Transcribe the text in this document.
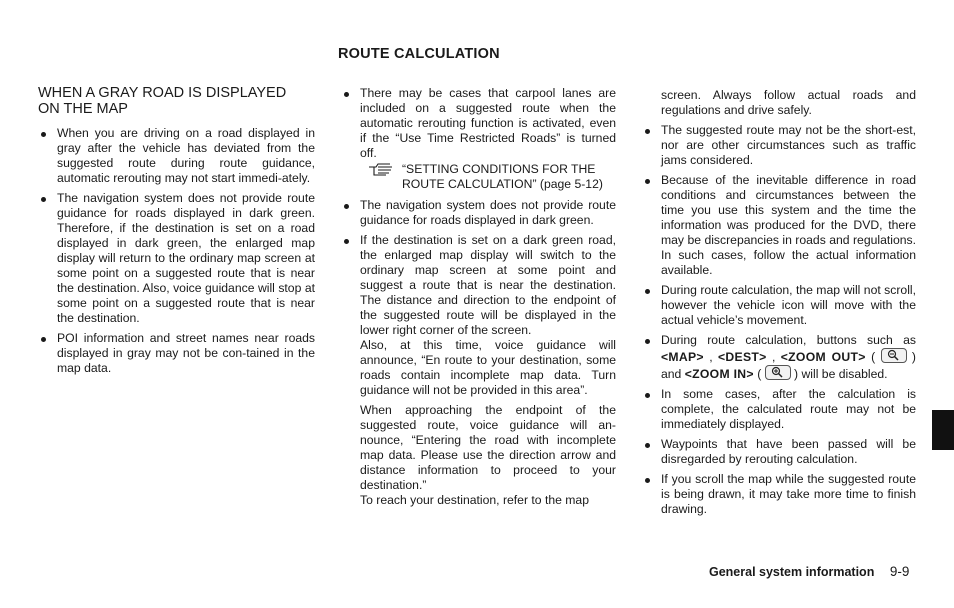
ROUTE CALCULATION
WHEN A GRAY ROAD IS DISPLAYED
ON THE MAP
When you are driving on a road displayed in gray after the vehicle has deviated from the suggested route during route guidance, automatic rerouting may not start immedi-ately.
The navigation system does not provide route guidance for roads displayed in dark green. Therefore, if the destination is set on a road displayed in dark green, the enlarged map display will return to the ordinary map screen at some point on a suggested route that is near the destination. Also, voice guidance will stop at some point on a suggested route that is near the destination.
POI information and street names near roads displayed in gray may not be con-tained in the map data.
There may be cases that carpool lanes are included on a suggested route when the automatic rerouting function is activated, even if the “Use Time Restricted Roads” is turned off.
“SETTING CONDITIONS FOR THE ROUTE CALCULATION” (page 5-12)
The navigation system does not provide route guidance for roads displayed in dark green.
If the destination is set on a dark green road, the enlarged map display will switch to the ordinary map screen at some point and suggest a route that is near the destination. The distance and direction to the endpoint of the suggested route will be displayed in the lower right corner of the screen.
Also, at this time, voice guidance will announce, “En route to your destination, some roads contain incomplete map data. Turn guidance will not be provided in this area”.
When approaching the endpoint of the suggested route, voice guidance will an-nounce, “Entering the road with incomplete map data. Please use the direction arrow and distance information to proceed to your destination.”
To reach your destination, refer to the map
screen. Always follow actual roads and regulations and drive safely.
The suggested route may not be the short-est, nor are other circumstances such as traffic jams considered.
Because of the inevitable difference in road conditions and circumstances between the time you use this system and the time the information was produced for the DVD, there may be discrepancies in roads and regulations. In such cases, follow the actual information available.
During route calculation, the map will not scroll, however the vehicle icon will move with the actual vehicle’s movement.
During route calculation, buttons such as <MAP> , <DEST> , <ZOOM OUT> (
) and <ZOOM IN> (
) will be disabled.
In some cases, after the calculation is complete, the calculated route may not be immediately displayed.
Waypoints that have been passed will be disregarded by rerouting calculation.
If you scroll the map while the suggested route is being drawn, it may take more time to finish drawing.
General system information 9-9
